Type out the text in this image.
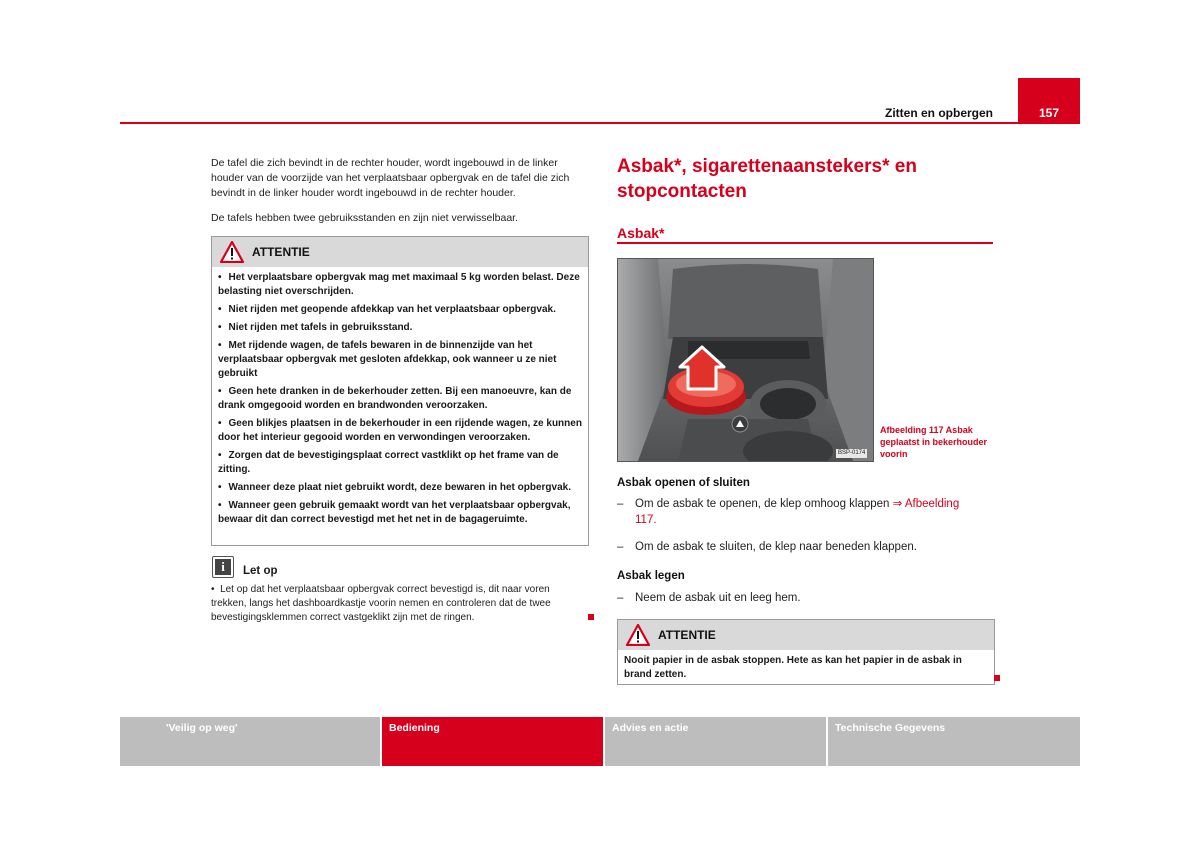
Zitten en opbergen	157
De tafel die zich bevindt in de rechter houder, wordt ingebouwd in de linker houder van de voorzijde van het verplaatsbaar opbergvak en de tafel die zich bevindt in de linker houder wordt ingebouwd in de rechter houder.
De tafels hebben twee gebruiksstanden en zijn niet verwisselbaar.
ATTENTIE
• Het verplaatsbare opbergvak mag met maximaal 5 kg worden belast. Deze belasting niet overschrijden.
• Niet rijden met geopende afdekkap van het verplaatsbaar opbergvak.
• Niet rijden met tafels in gebruiksstand.
• Met rijdende wagen, de tafels bewaren in de binnenzijde van het verplaatsbaar opbergvak met gesloten afdekkap, ook wanneer u ze niet gebruikt
• Geen hete dranken in de bekerhouder zetten. Bij een manoeuvre, kan de drank omgegooid worden en brandwonden veroorzaken.
• Geen blikjes plaatsen in de bekerhouder in een rijdende wagen, ze kunnen door het interieur gegooid worden en verwondingen veroorzaken.
• Zorgen dat de bevestigingsplaat correct vastklikt op het frame van de zitting.
• Wanneer deze plaat niet gebruikt wordt, deze bewaren in het opbergvak.
• Wanneer geen gebruik gemaakt wordt van het verplaatsbaar opbergvak, bewaar dit dan correct bevestigd met het net in de bagageruimte.
i	Let op
•  Let op dat het verplaatsbaar opbergvak correct bevestigd is, dit naar voren trekken, langs het dashboardkastje voorin nemen en controleren dat de twee bevestigingsklemmen correct vastgeklikt zijn met de ringen.
Asbak*, sigarettenaanstekers* en stopcontacten
Asbak*
BSP-0174
Afbeelding 117 Asbak geplaatst in bekerhouder voorin
Asbak openen of sluiten
– Om de asbak te openen, de klep omhoog klappen ⇒ Afbeelding
117.
– Om de asbak te sluiten, de klep naar beneden klappen.
Asbak legen
– Neem de asbak uit en leeg hem.
ATTENTIE
Nooit papier in de asbak stoppen. Hete as kan het papier in de asbak in brand zetten.
'Veilig op weg'	Bediening	Advies en actie	Technische Gegevens
